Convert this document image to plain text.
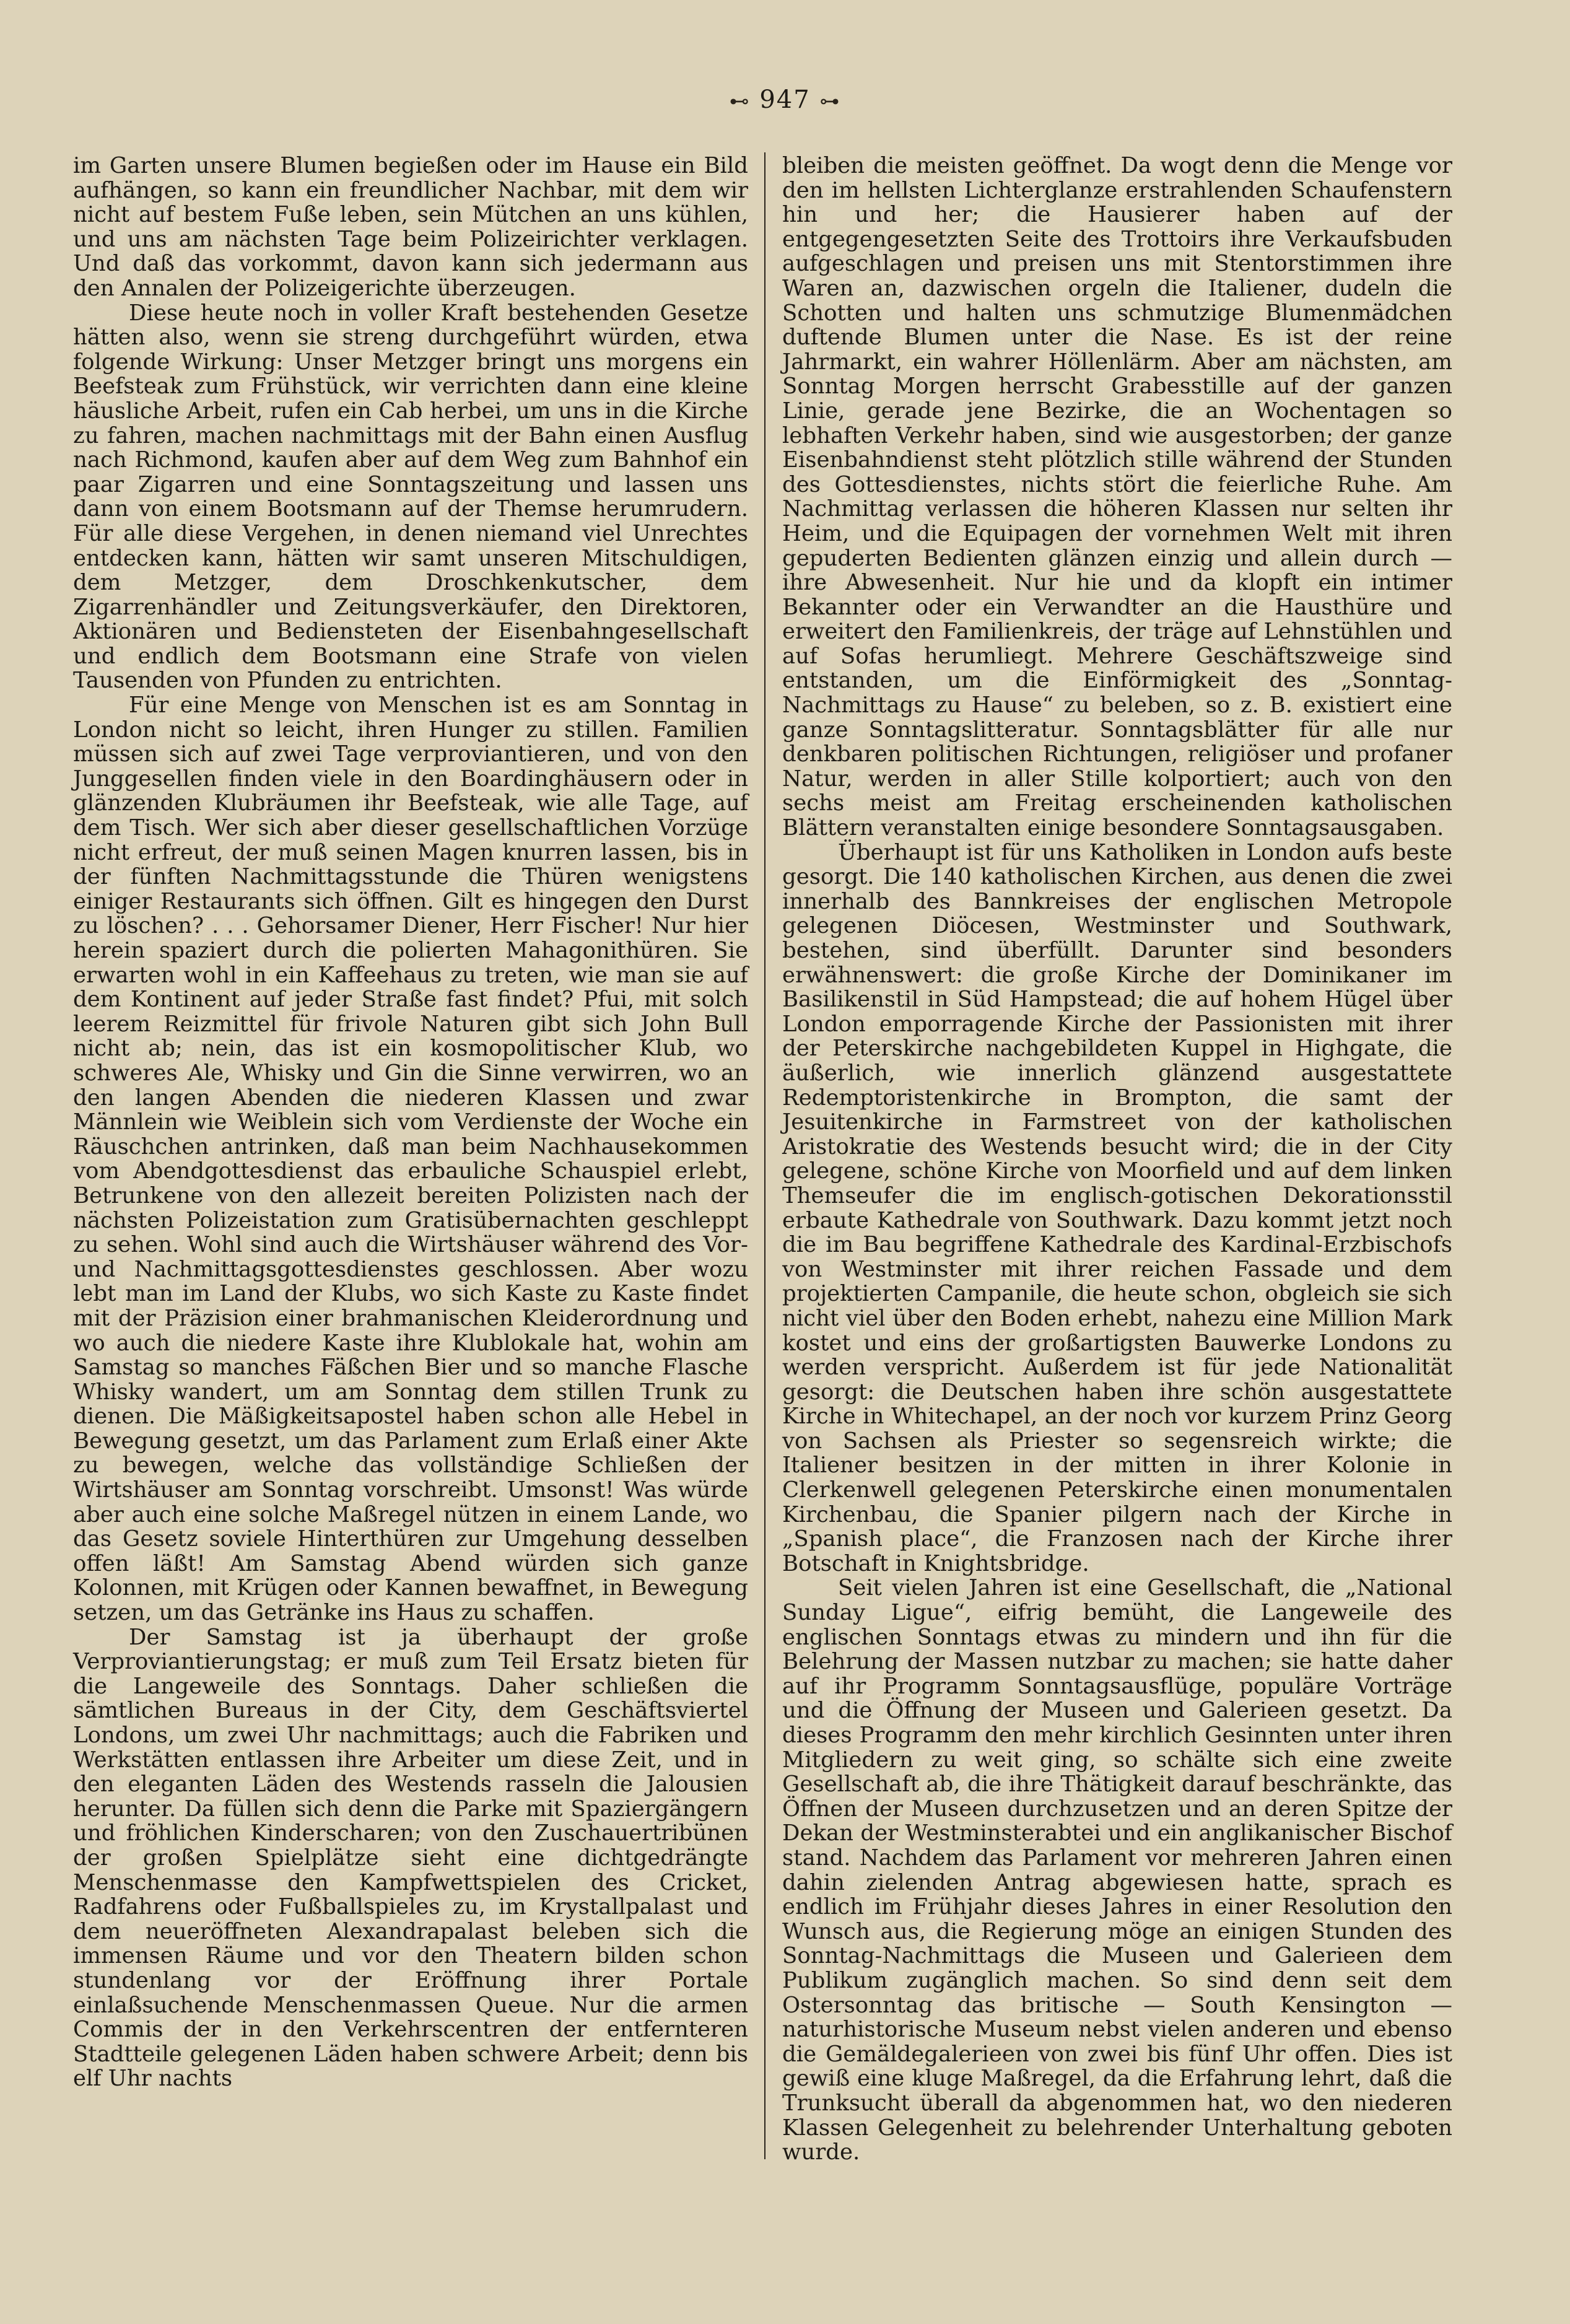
⊷ 947 ⊶

im Garten unsere Blumen begießen oder im Hause ein Bild aufhängen, so kann ein freundlicher Nachbar, mit dem wir nicht auf bestem Fuße leben, sein Mütchen an uns kühlen, und uns am nächsten Tage beim Polizeirichter verklagen. Und daß das vorkommt, davon kann sich jedermann aus den Annalen der Polizeigerichte überzeugen.

Diese heute noch in voller Kraft bestehenden Gesetze hätten also, wenn sie streng durchgeführt würden, etwa folgende Wirkung: Unser Metzger bringt uns morgens ein Beefsteak zum Frühstück, wir verrichten dann eine kleine häusliche Arbeit, rufen ein Cab herbei, um uns in die Kirche zu fahren, machen nachmittags mit der Bahn einen Ausflug nach Richmond, kaufen aber auf dem Weg zum Bahnhof ein paar Zigarren und eine Sonntagszeitung und lassen uns dann von einem Bootsmann auf der Themse herumrudern. Für alle diese Vergehen, in denen niemand viel Unrechtes entdecken kann, hätten wir samt unseren Mitschuldigen, dem Metzger, dem Droschkenkutscher, dem Zigarrenhändler und Zeitungsverkäufer, den Direktoren, Aktionären und Bediensteten der Eisenbahngesellschaft und endlich dem Bootsmann eine Strafe von vielen Tausenden von Pfunden zu entrichten.

Für eine Menge von Menschen ist es am Sonntag in London nicht so leicht, ihren Hunger zu stillen. Familien müssen sich auf zwei Tage verproviantieren, und von den Junggesellen finden viele in den Boardinghäusern oder in glänzenden Klubräumen ihr Beefsteak, wie alle Tage, auf dem Tisch. Wer sich aber dieser gesellschaftlichen Vorzüge nicht erfreut, der muß seinen Magen knurren lassen, bis in der fünften Nachmittagsstunde die Thüren wenigstens einiger Restaurants sich öffnen. Gilt es hingegen den Durst zu löschen? . . . Gehorsamer Diener, Herr Fischer! Nur hier herein spaziert durch die polierten Mahagonithüren. Sie erwarten wohl in ein Kaffeehaus zu treten, wie man sie auf dem Kontinent auf jeder Straße fast findet? Pfui, mit solch leerem Reizmittel für frivole Naturen gibt sich John Bull nicht ab; nein, das ist ein kosmopolitischer Klub, wo schweres Ale, Whisky und Gin die Sinne verwirren, wo an den langen Abenden die niederen Klassen und zwar Männlein wie Weiblein sich vom Verdienste der Woche ein Räuschchen antrinken, daß man beim Nachhausekommen vom Abendgottesdienst das erbauliche Schauspiel erlebt, Betrunkene von den allezeit bereiten Polizisten nach der nächsten Polizeistation zum Gratisübernachten geschleppt zu sehen. Wohl sind auch die Wirtshäuser während des Vor- und Nachmittagsgottesdienstes geschlossen. Aber wozu lebt man im Land der Klubs, wo sich Kaste zu Kaste findet mit der Präzision einer brahmanischen Kleiderordnung und wo auch die niedere Kaste ihre Klublokale hat, wohin am Samstag so manches Fäßchen Bier und so manche Flasche Whisky wandert, um am Sonntag dem stillen Trunk zu dienen. Die Mäßigkeitsapostel haben schon alle Hebel in Bewegung gesetzt, um das Parlament zum Erlaß einer Akte zu bewegen, welche das vollständige Schließen der Wirtshäuser am Sonntag vorschreibt. Umsonst! Was würde aber auch eine solche Maßregel nützen in einem Lande, wo das Gesetz soviele Hinterthüren zur Umgehung desselben offen läßt! Am Samstag Abend würden sich ganze Kolonnen, mit Krügen oder Kannen bewaffnet, in Bewegung setzen, um das Getränke ins Haus zu schaffen.

Der Samstag ist ja überhaupt der große Verproviantierungstag; er muß zum Teil Ersatz bieten für die Langeweile des Sonntags. Daher schließen die sämtlichen Bureaus in der City, dem Geschäftsviertel Londons, um zwei Uhr nachmittags; auch die Fabriken und Werkstätten entlassen ihre Arbeiter um diese Zeit, und in den eleganten Läden des Westends rasseln die Jalousien herunter. Da füllen sich denn die Parke mit Spaziergängern und fröhlichen Kinderscharen; von den Zuschauertribünen der großen Spielplätze sieht eine dichtgedrängte Menschenmasse den Kampfwettspielen des Cricket, Radfahrens oder Fußballspieles zu, im Krystallpalast und dem neueröffneten Alexandrapalast beleben sich die immensen Räume und vor den Theatern bilden schon stundenlang vor der Eröffnung ihrer Portale einlaßsuchende Menschenmassen Queue. Nur die armen Commis der in den Verkehrscentren der entfernteren Stadtteile gelegenen Läden haben schwere Arbeit; denn bis elf Uhr nachts

bleiben die meisten geöffnet. Da wogt denn die Menge vor den im hellsten Lichterglanze erstrahlenden Schaufenstern hin und her; die Hausierer haben auf der entgegengesetzten Seite des Trottoirs ihre Verkaufsbuden aufgeschlagen und preisen uns mit Stentorstimmen ihre Waren an, dazwischen orgeln die Italiener, dudeln die Schotten und halten uns schmutzige Blumenmädchen duftende Blumen unter die Nase. Es ist der reine Jahrmarkt, ein wahrer Höllenlärm. Aber am nächsten, am Sonntag Morgen herrscht Grabesstille auf der ganzen Linie, gerade jene Bezirke, die an Wochentagen so lebhaften Verkehr haben, sind wie ausgestorben; der ganze Eisenbahndienst steht plötzlich stille während der Stunden des Gottesdienstes, nichts stört die feierliche Ruhe. Am Nachmittag verlassen die höheren Klassen nur selten ihr Heim, und die Equipagen der vornehmen Welt mit ihren gepuderten Bedienten glänzen einzig und allein durch — ihre Abwesenheit. Nur hie und da klopft ein intimer Bekannter oder ein Verwandter an die Hausthüre und erweitert den Familienkreis, der träge auf Lehnstühlen und auf Sofas herumliegt. Mehrere Geschäftszweige sind entstanden, um die Einförmigkeit des „Sonntag-Nachmittags zu Hause“ zu beleben, so z. B. existiert eine ganze Sonntagslitteratur. Sonntagsblätter für alle nur denkbaren politischen Richtungen, religiöser und profaner Natur, werden in aller Stille kolportiert; auch von den sechs meist am Freitag erscheinenden katholischen Blättern veranstalten einige besondere Sonntagsausgaben.

Überhaupt ist für uns Katholiken in London aufs beste gesorgt. Die 140 katholischen Kirchen, aus denen die zwei innerhalb des Bannkreises der englischen Metropole gelegenen Diöcesen, Westminster und Southwark, bestehen, sind überfüllt. Darunter sind besonders erwähnenswert: die große Kirche der Dominikaner im Basilikenstil in Süd Hampstead; die auf hohem Hügel über London emporragende Kirche der Passionisten mit ihrer der Peterskirche nachgebildeten Kuppel in Highgate, die äußerlich, wie innerlich glänzend ausgestattete Redemptoristenkirche in Brompton, die samt der Jesuitenkirche in Farmstreet von der katholischen Aristokratie des Westends besucht wird; die in der City gelegene, schöne Kirche von Moorfield und auf dem linken Themseufer die im englisch-gotischen Dekorationsstil erbaute Kathedrale von Southwark. Dazu kommt jetzt noch die im Bau begriffene Kathedrale des Kardinal-Erzbischofs von Westminster mit ihrer reichen Fassade und dem projektierten Campanile, die heute schon, obgleich sie sich nicht viel über den Boden erhebt, nahezu eine Million Mark kostet und eins der großartigsten Bauwerke Londons zu werden verspricht. Außerdem ist für jede Nationalität gesorgt: die Deutschen haben ihre schön ausgestattete Kirche in Whitechapel, an der noch vor kurzem Prinz Georg von Sachsen als Priester so segensreich wirkte; die Italiener besitzen in der mitten in ihrer Kolonie in Clerkenwell gelegenen Peterskirche einen monumentalen Kirchenbau, die Spanier pilgern nach der Kirche in „Spanish place“, die Franzosen nach der Kirche ihrer Botschaft in Knightsbridge.

Seit vielen Jahren ist eine Gesellschaft, die „National Sunday Ligue“, eifrig bemüht, die Langeweile des englischen Sonntags etwas zu mindern und ihn für die Belehrung der Massen nutzbar zu machen; sie hatte daher auf ihr Programm Sonntagsausflüge, populäre Vorträge und die Öffnung der Museen und Galerieen gesetzt. Da dieses Programm den mehr kirchlich Gesinnten unter ihren Mitgliedern zu weit ging, so schälte sich eine zweite Gesellschaft ab, die ihre Thätigkeit darauf beschränkte, das Öffnen der Museen durchzusetzen und an deren Spitze der Dekan der Westminsterabtei und ein anglikanischer Bischof stand. Nachdem das Parlament vor mehreren Jahren einen dahin zielenden Antrag abgewiesen hatte, sprach es endlich im Frühjahr dieses Jahres in einer Resolution den Wunsch aus, die Regierung möge an einigen Stunden des Sonntag-Nachmittags die Museen und Galerieen dem Publikum zugänglich machen. So sind denn seit dem Ostersonntag das britische — South Kensington — naturhistorische Museum nebst vielen anderen und ebenso die Gemäldegalerieen von zwei bis fünf Uhr offen. Dies ist gewiß eine kluge Maßregel, da die Erfahrung lehrt, daß die Trunksucht überall da abgenommen hat, wo den niederen Klassen Gelegenheit zu belehrender Unterhaltung geboten wurde.
